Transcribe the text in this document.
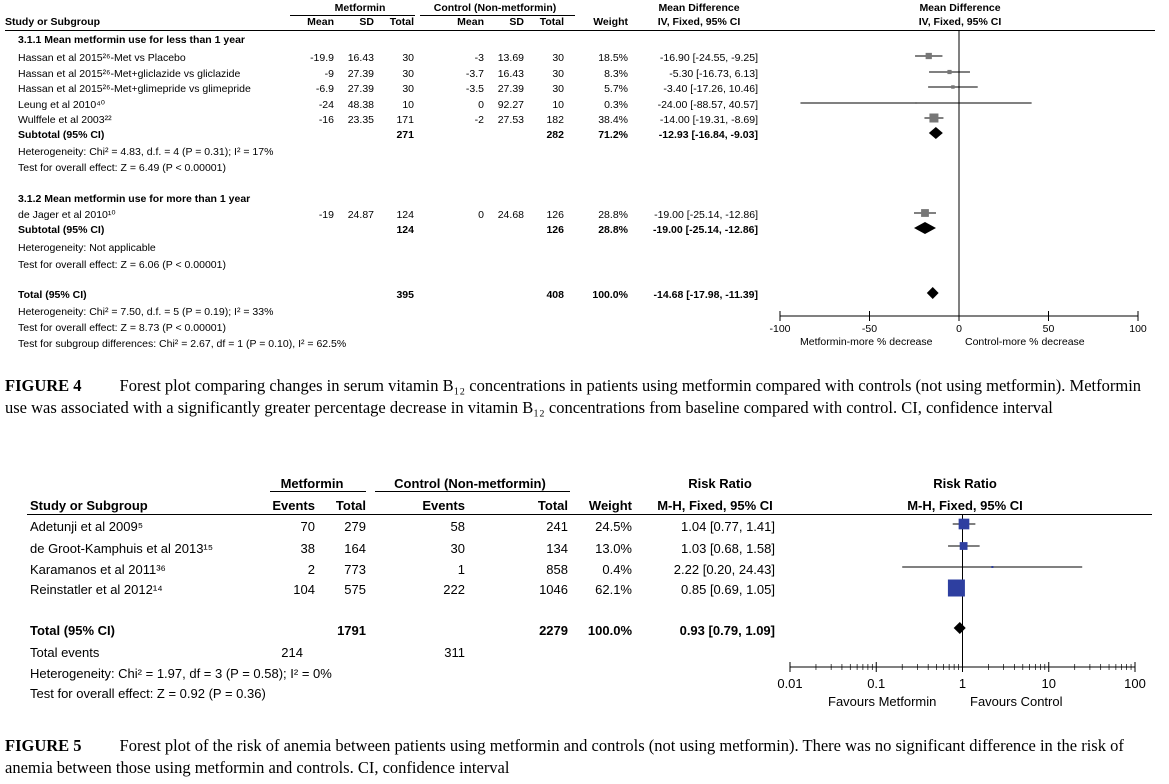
Study or Subgroup
Metformin	Control (Non-metformin)
Mean	SD	Total	Mean	SD	Total	Weight
Mean Difference
IV, Fixed, 95% CI
Mean Difference
IV, Fixed, 95% CI
3.1.1 Mean metformin use for less than 1 year
Hassan et al 2015²⁶-Met vs Placebo	-19.9	16.43	30	-3	13.69	30	18.5%	-16.90 [-24.55, -9.25]
Hassan et al 2015²⁶-Met+gliclazide vs gliclazide	-9	27.39	30	-3.7	16.43	30	8.3%	-5.30 [-16.73, 6.13]
Hassan et al 2015²⁶-Met+glimepride vs glimepride	-6.9	27.39	30	-3.5	27.39	30	5.7%	-3.40 [-17.26, 10.46]
Leung et al 2010⁴⁰	-24	48.38	10	0	92.27	10	0.3%	-24.00 [-88.57, 40.57]
Wulffele et al 2003²²	-16	23.35	171	-2	27.53	182	38.4%	-14.00 [-19.31, -8.69]
Subtotal (95% CI)	271	282	71.2%	-12.93 [-16.84, -9.03]
Heterogeneity: Chi² = 4.83, d.f. = 4 (P = 0.31); I² = 17%
Test for overall effect: Z = 6.49 (P < 0.00001)
3.1.2 Mean metformin use for more than 1 year
de Jager et al 2010¹⁰	-19	24.87	124	0	24.68	126	28.8%	-19.00 [-25.14, -12.86]
Subtotal (95% CI)	124	126	28.8%	-19.00 [-25.14, -12.86]
Heterogeneity: Not applicable
Test for overall effect: Z = 6.06 (P < 0.00001)
Total (95% CI)	395	408	100.0%	-14.68 [-17.98, -11.39]
Heterogeneity: Chi² = 7.50, d.f. = 5 (P = 0.19); I² = 33%
Test for overall effect: Z = 8.73 (P < 0.00001)
Test for subgroup differences: Chi² = 2.67, df = 1 (P = 0.10), I² = 62.5%	Metformin-more % decrease	Control-more % decrease
FIGURE 4 Forest plot comparing changes in serum vitamin B₁₂ concentrations in patients using metformin compared with controls (not using metformin). Metformin use was associated with a significantly greater percentage decrease in vitamin B₁₂ concentrations from baseline compared with control. CI, confidence interval
Metformin	Control (Non-metformin)	Risk Ratio	Risk Ratio
Study or Subgroup	Events	Total	Events	Total	Weight	M-H, Fixed, 95% CI	M-H, Fixed, 95% CI
Adetunji et al 2009⁵	70	279	58	241	24.5%	1.04 [0.77, 1.41]
de Groot-Kamphuis et al 2013¹⁵	38	164	30	134	13.0%	1.03 [0.68, 1.58]
Karamanos et al 2011³⁶	2	773	1	858	0.4%	2.22 [0.20, 24.43]
Reinstatler et al 2012¹⁴	104	575	222	1046	62.1%	0.85 [0.69, 1.05]
Total (95% CI)	1791	2279	100.0%	0.93 [0.79, 1.09]
Total events	214	311
Heterogeneity: Chi² = 1.97, df = 3 (P = 0.58); I² = 0%
Test for overall effect: Z = 0.92 (P = 0.36)
Favours Metformin	Favours Control
FIGURE 5 Forest plot of the risk of anemia between patients using metformin and controls (not using metformin). There was no significant difference in the risk of anemia between those using metformin and controls. CI, confidence interval
-100	-50	0	50	100
0.01	0.1	1	10	100
